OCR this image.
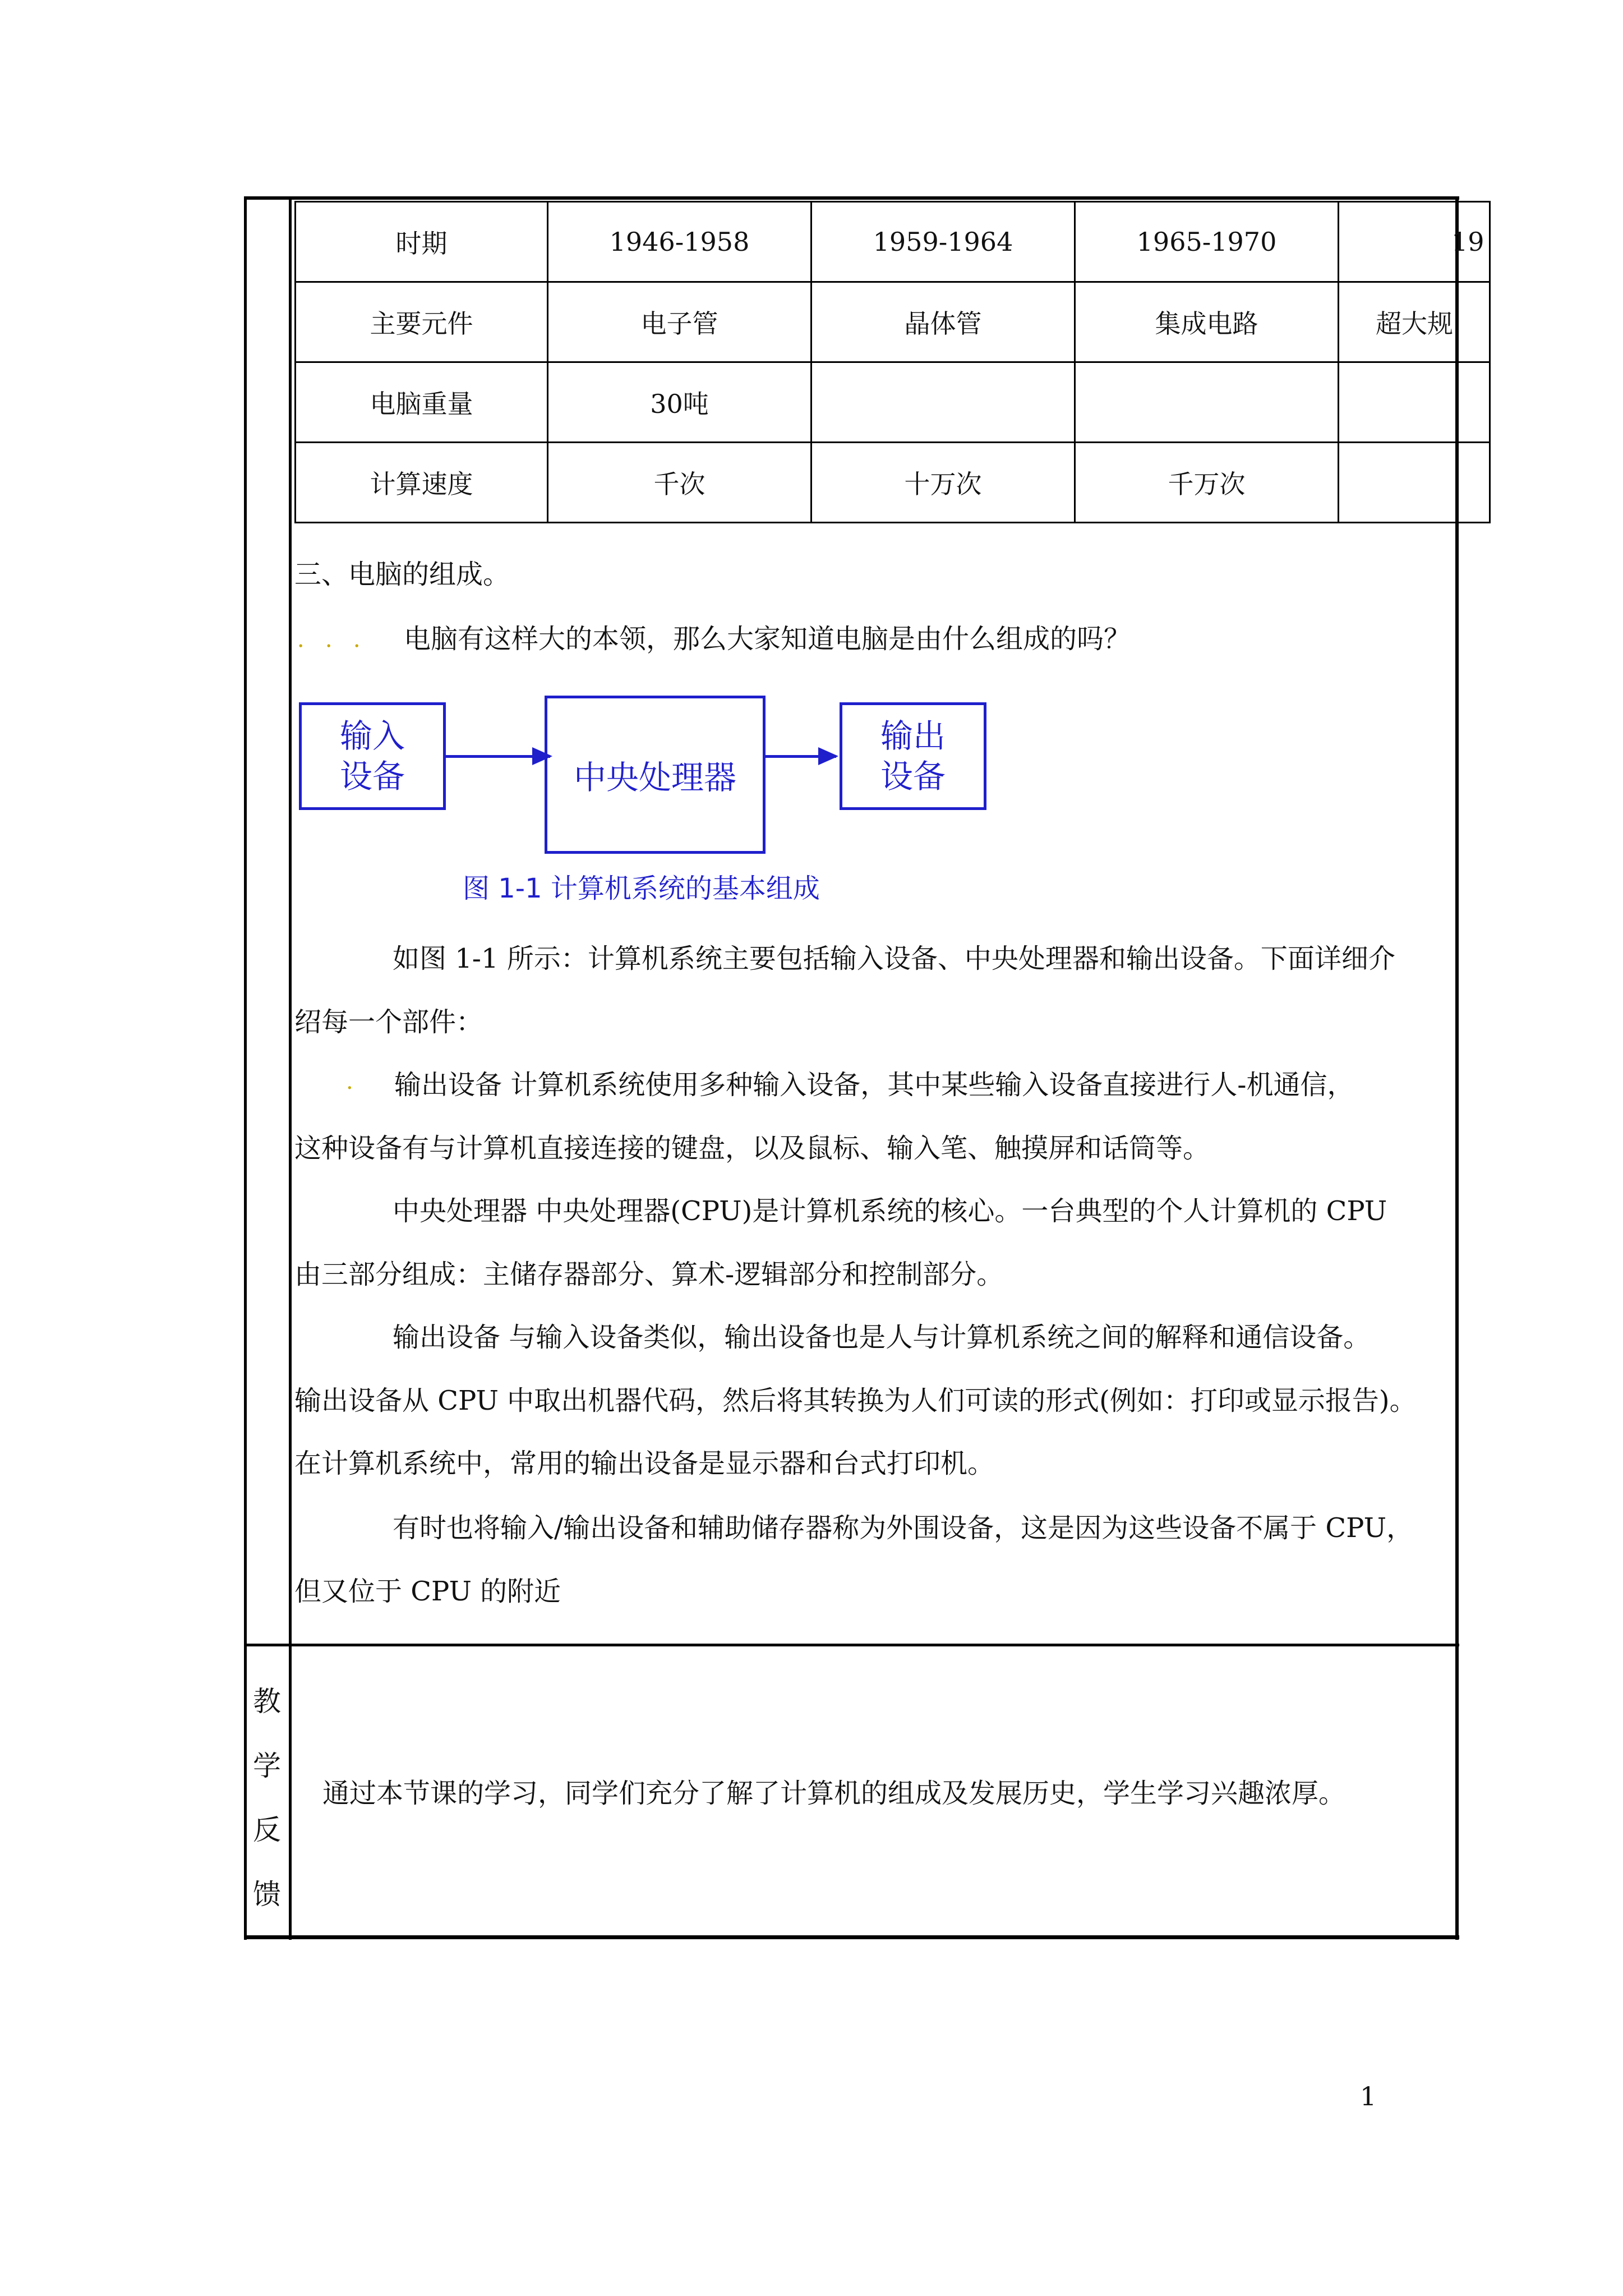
时期	1946-1958	1959-1964	1965-1970	19
主要元件	电子管	晶体管	集成电路	超大规
电脑重量	30吨			
计算速度	千次	十万次	千万次	
三、电脑的组成。
．．． 电脑有这样大的本领，那么大家知道电脑是由什么组成的吗？
输入
设备	中央处理器
输出
设备
图 1-1 计算机系统的基本组成
如图 1-1 所示：计算机系统主要包括输入设备、中央处理器和输出设备。下面详细介
绍每一个部件：
. 输出设备 计算机系统使用多种输入设备，其中某些输入设备直接进行人-机通信，
这种设备有与计算机直接连接的键盘，以及鼠标、输入笔、触摸屏和话筒等。
中央处理器 中央处理器(CPU)是计算机系统的核心。一台典型的个人计算机的 CPU
由三部分组成：主储存器部分、算术-逻辑部分和控制部分。
输出设备 与输入设备类似，输出设备也是人与计算机系统之间的解释和通信设备。
输出设备从 CPU 中取出机器代码，然后将其转换为人们可读的形式(例如：打印或显示报告)。
在计算机系统中，常用的输出设备是显示器和台式打印机。
有时也将输入/输出设备和辅助储存器称为外围设备，这是因为这些设备不属于 CPU，
但又位于 CPU 的附近
教
学
反
馈
通过本节课的学习，同学们充分了解了计算机的组成及发展历史，学生学习兴趣浓厚。
1
